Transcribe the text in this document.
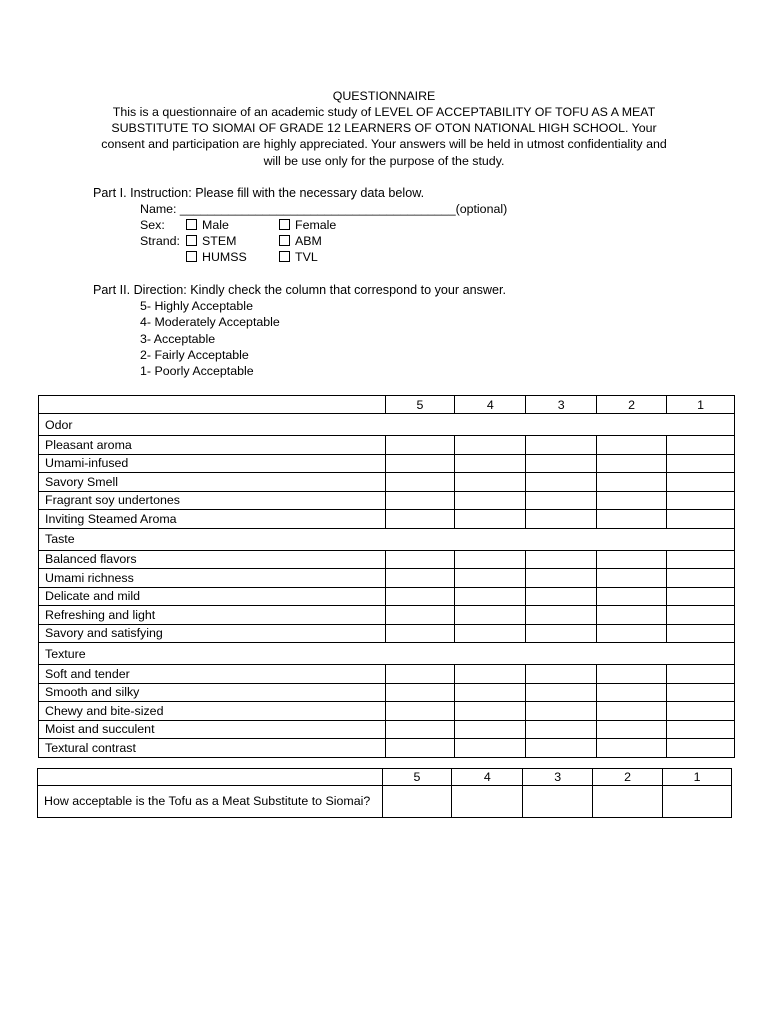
QUESTIONNAIRE
This is a questionnaire of an academic study of LEVEL OF ACCEPTABILITY OF TOFU AS A MEAT SUBSTITUTE TO SIOMAI OF GRADE 12 LEARNERS OF OTON NATIONAL HIGH SCHOOL. Your consent and participation are highly appreciated. Your answers will be held in utmost confidentiality and will be use only for the purpose of the study.
Part I. Instruction: Please fill with the necessary data below.
Name: ________________________________________(optional)
Sex:	Male	Female
Strand:	STEM	ABM
HUMSS	TVL
Part II. Direction: Kindly check the column that correspond to your answer.
5- Highly Acceptable
4- Moderately Acceptable
3- Acceptable
2- Fairly Acceptable
1- Poorly Acceptable
	5	4	3	2	1
Odor					
Pleasant aroma					
Umami-infused					
Savory Smell					
Fragrant soy undertones					
Inviting Steamed Aroma					
Taste					
Balanced flavors					
Umami richness					
Delicate and mild					
Refreshing and light					
Savory and satisfying					
Texture					
Soft and tender					
Smooth and silky					
Chewy and bite-sized					
Moist and succulent					
Textural contrast					
	5	4	3	2	1
How acceptable is the Tofu as a Meat Substitute to Siomai?					
